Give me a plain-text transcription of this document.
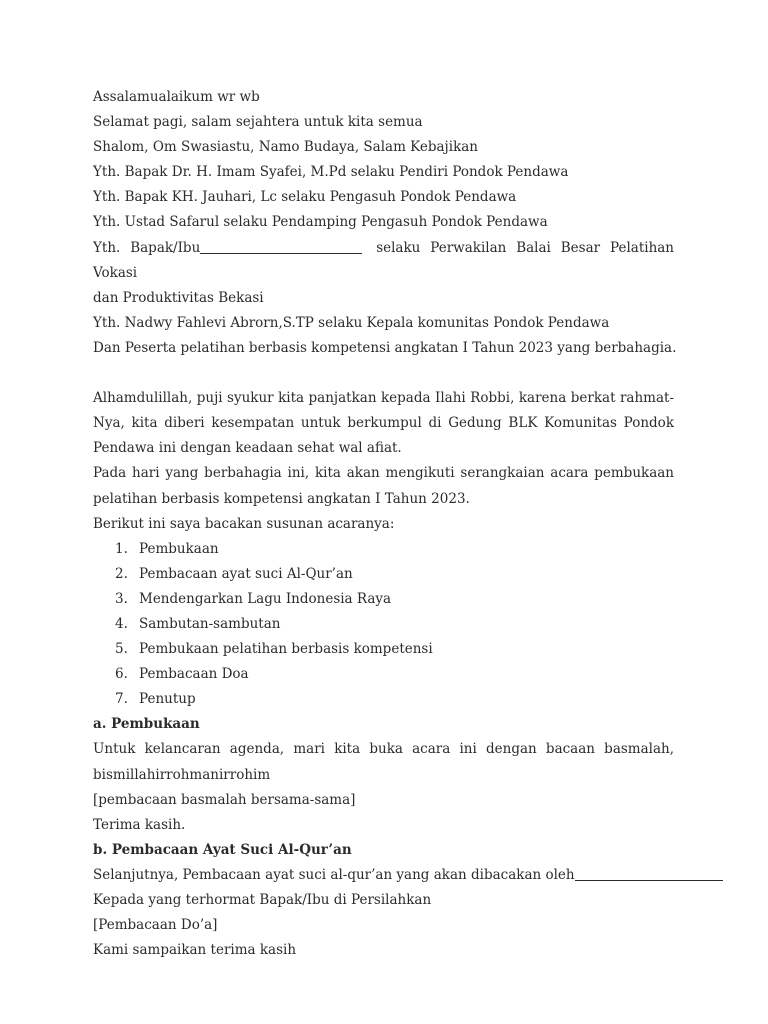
Assalamualaikum wr wb
Selamat pagi, salam sejahtera untuk kita semua
Shalom, Om Swasiastu, Namo Budaya, Salam Kebajikan
Yth. Bapak Dr. H. Imam Syafei, M.Pd selaku Pendiri Pondok Pendawa
Yth. Bapak KH. Jauhari, Lc selaku Pengasuh Pondok Pendawa
Yth. Ustad Safarul selaku Pendamping Pengasuh Pondok Pendawa
Yth. Bapak/Ibu	selaku Perwakilan Balai Besar Pelatihan Vokasi
dan Produktivitas Bekasi
Yth. Nadwy Fahlevi Abrorn,S.TP selaku Kepala komunitas Pondok Pendawa
Dan Peserta pelatihan berbasis kompetensi angkatan I Tahun 2023 yang berbahagia.
Alhamdulillah, puji syukur kita panjatkan kepada Ilahi Robbi, karena berkat rahmat-Nya, kita diberi kesempatan untuk berkumpul di Gedung BLK Komunitas Pondok Pendawa ini dengan keadaan sehat wal afiat.
Pada hari yang berbahagia ini, kita akan mengikuti serangkaian acara pembukaan pelatihan berbasis kompetensi angkatan I Tahun 2023.
Berikut ini saya bacakan susunan acaranya:
1. Pembukaan
2. Pembacaan ayat suci Al-Qur’an
3. Mendengarkan Lagu Indonesia Raya
4. Sambutan-sambutan
5. Pembukaan pelatihan berbasis kompetensi
6. Pembacaan Doa
7. Penutup
a. Pembukaan
Untuk kelancaran agenda, mari kita buka acara ini dengan bacaan basmalah,
bismillahirrohmanirrohim
[pembacaan basmalah bersama-sama]
Terima kasih.
b. Pembacaan Ayat Suci Al-Qur’an
Selanjutnya, Pembacaan ayat suci al-qur’an yang akan dibacakan oleh
Kepada yang terhormat Bapak/Ibu di Persilahkan
[Pembacaan Do’a]
Kami sampaikan terima kasih
